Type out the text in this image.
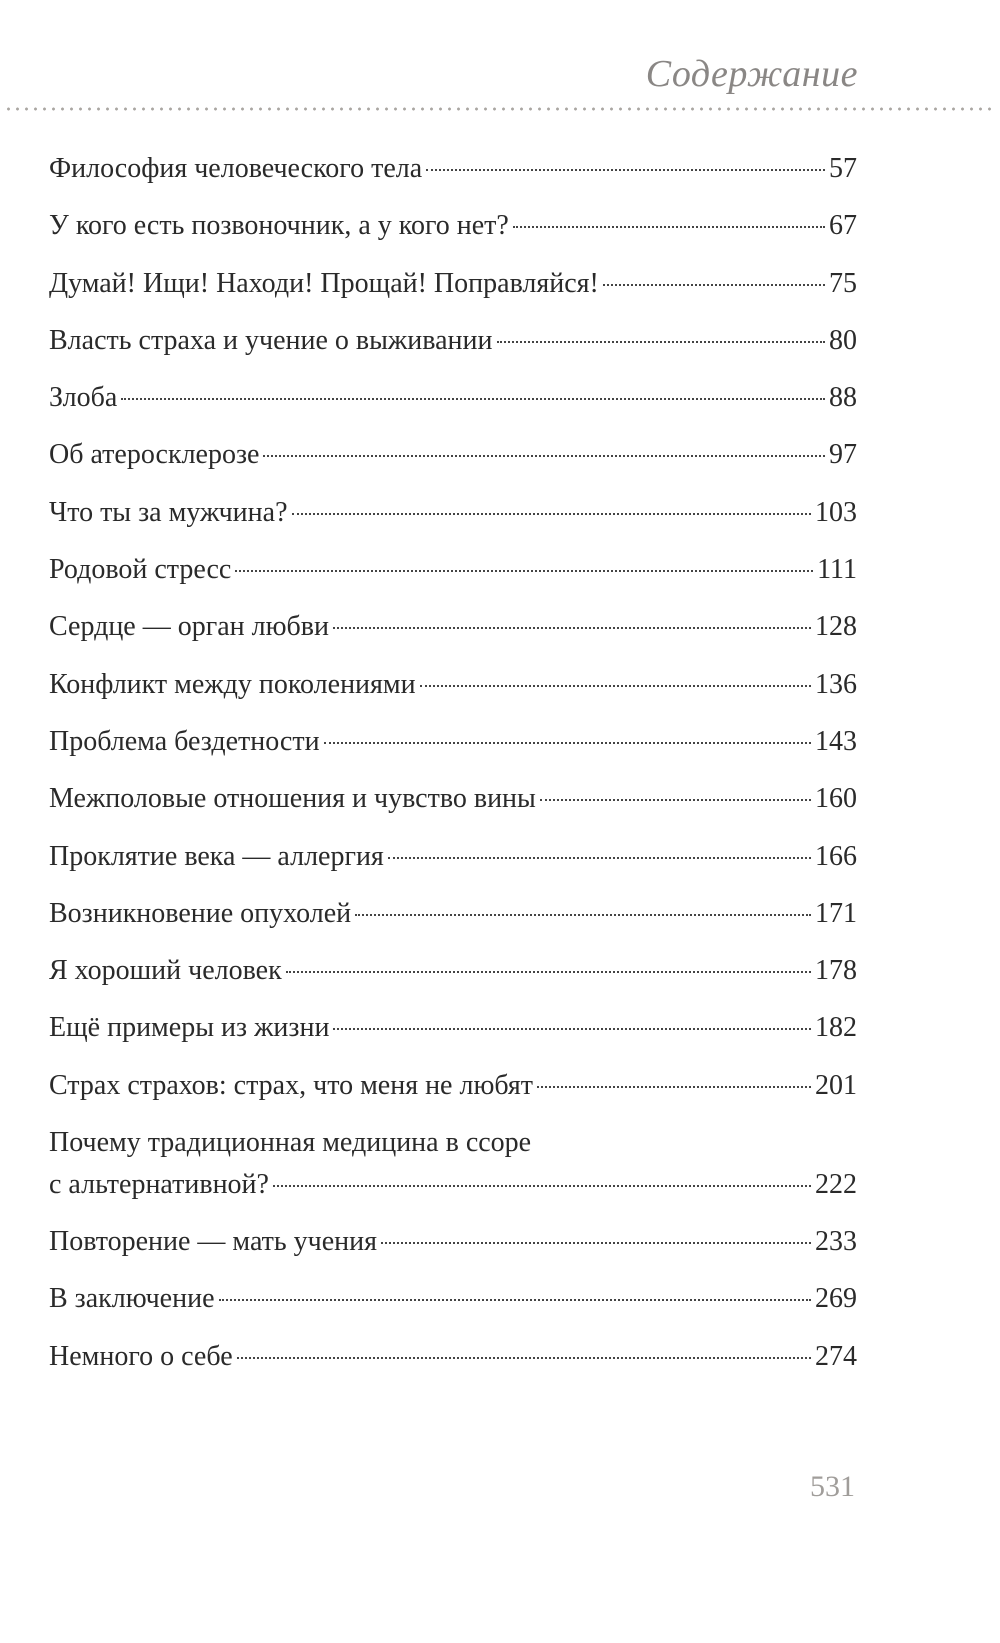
Содержание
Философия человеческого тела	57
У кого есть позвоночник, а у кого нет?	67
Думай! Ищи! Находи! Прощай! Поправляйся!	75
Власть страха и учение о выживании	80
Злоба	88
Об атеросклерозе	97
Что ты за мужчина?	103
Родовой стресс	111
Сердце — орган любви	128
Конфликт между поколениями	136
Проблема бездетности	143
Межполовые отношения и чувство вины	160
Проклятие века — аллергия	166
Возникновение опухолей	171
Я хороший человек	178
Ещё примеры из жизни	182
Страх страхов: страх, что меня не любят	201
Почему традиционная медицина в ссоре
с альтернативной?	222
Повторение — мать учения	233
В заключение	269
Немного о себе	274
531
